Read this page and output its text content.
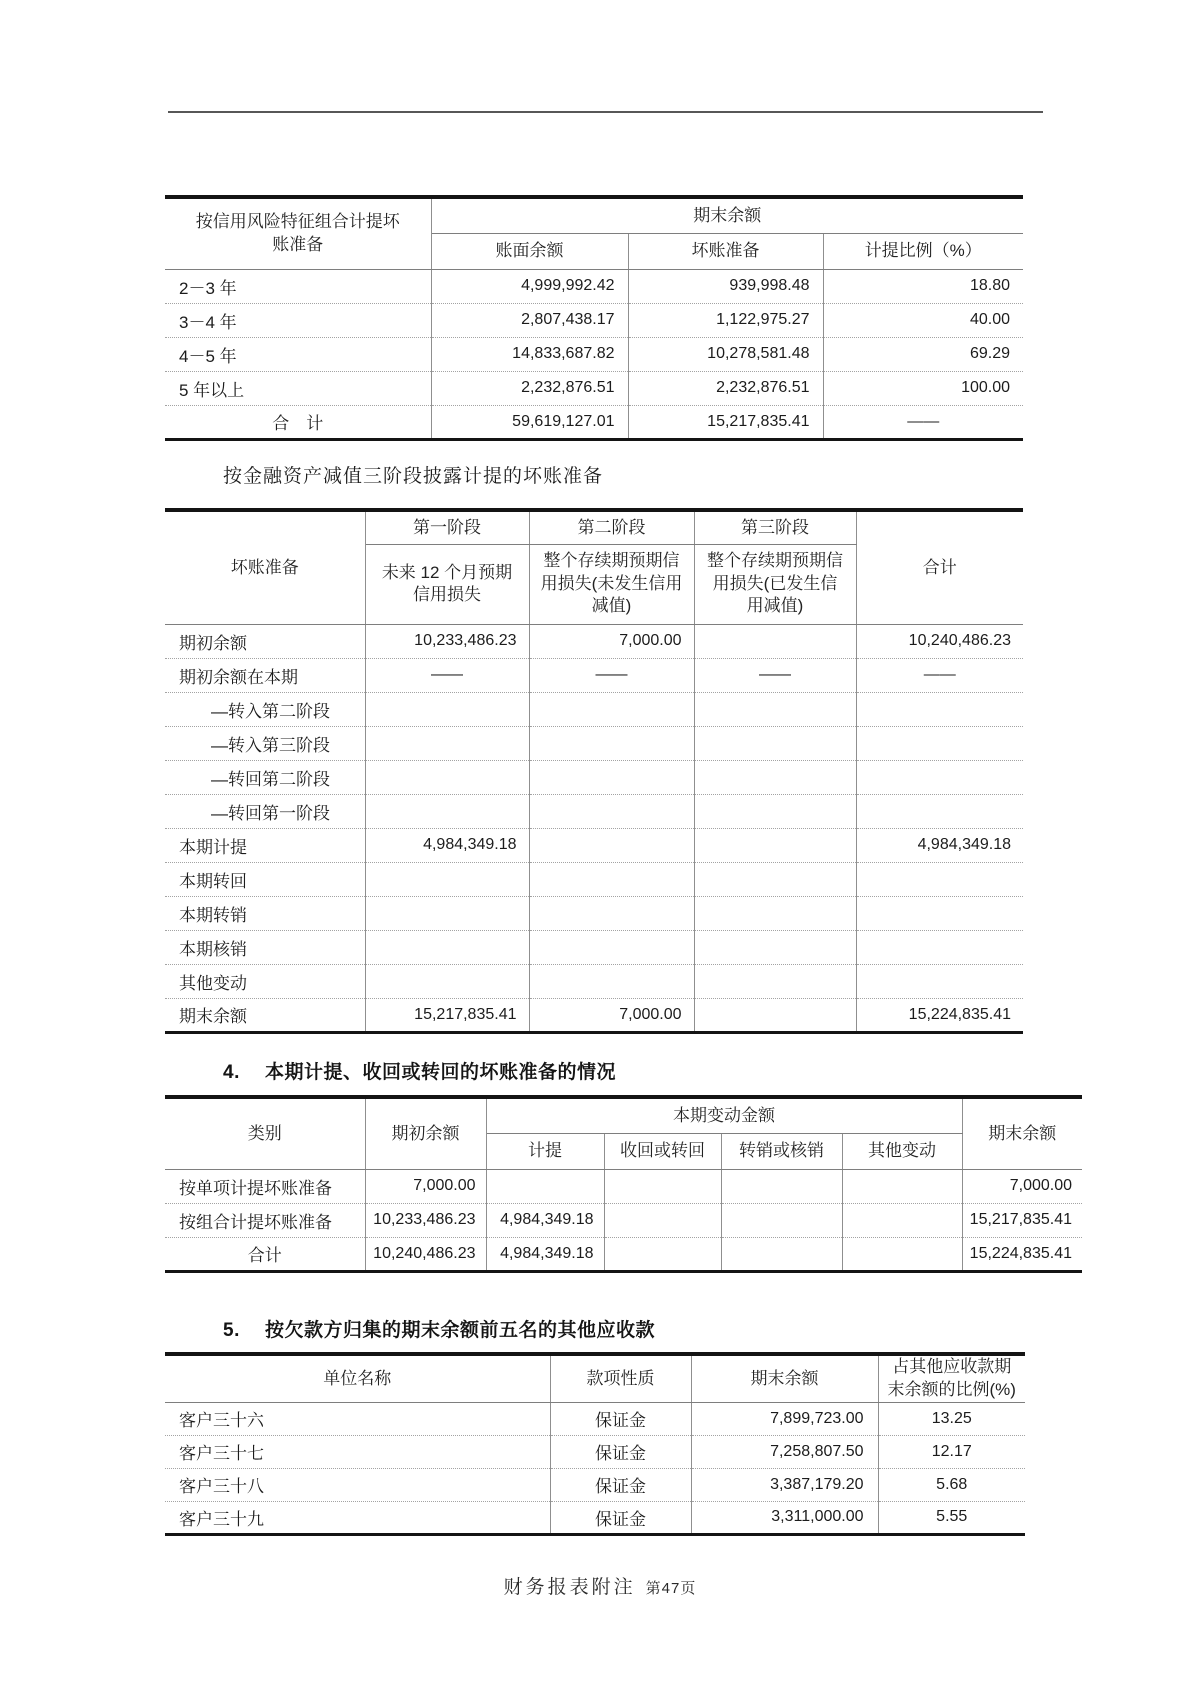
按信用风险特征组合计提坏账准备	期末余额		
	账面余额	坏账准备	计提比例（%）
2－3 年	4,999,992.42	939,998.48	18.80
3－4 年	2,807,438.17	1,122,975.27	40.00
4－5 年	14,833,687.82	10,278,581.48	69.29
5 年以上	2,232,876.51	2,232,876.51	100.00
合　计	59,619,127.01	15,217,835.41	——
按金融资产减值三阶段披露计提的坏账准备
坏账准备	第一阶段	第二阶段	第三阶段	合计
	未来 12 个月预期信用损失	整个存续期预期信用损失(未发生信用减值)	整个存续期预期信用损失(已发生信用减值)	
期初余额	10,233,486.23	7,000.00		10,240,486.23
期初余额在本期	——	——	——	——
—转入第二阶段				
—转入第三阶段				
—转回第二阶段				
—转回第一阶段				
本期计提	4,984,349.18			4,984,349.18
本期转回				
本期转销				
本期核销				
其他变动				
期末余额	15,217,835.41	7,000.00		15,224,835.41
4. 本期计提、收回或转回的坏账准备的情况
类别	期初余额	本期变动金额				期末余额
		计提	收回或转回	转销或核销	其他变动	
按单项计提坏账准备	7,000.00					7,000.00
按组合计提坏账准备	10,233,486.23	4,984,349.18				15,217,835.41
合计	10,240,486.23	4,984,349.18				15,224,835.41
5. 按欠款方归集的期末余额前五名的其他应收款
单位名称	款项性质	期末余额	占其他应收款期末余额的比例(%)
客户三十六	保证金	7,899,723.00	13.25
客户三十七	保证金	7,258,807.50	12.17
客户三十八	保证金	3,387,179.20	5.68
客户三十九	保证金	3,311,000.00	5.55
财务报表附注 第47页
